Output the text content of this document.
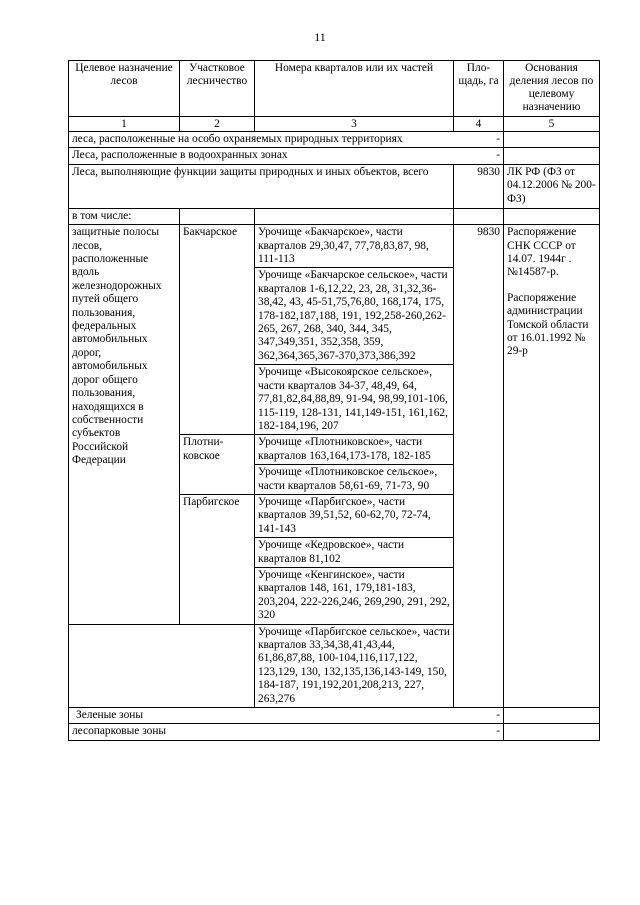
11
Целевое назначение лесов	Участковое лесничество	Номера кварталов или их частей	Пло-щадь, га	Основания деления лесов по целевому назначению
1	2	3	4	5

леса, расположенные на особо охраняемых природных территориях -				

Леса, расположенные в водоохранных зонах -				

Леса, выполняющие функции защиты природных и иных объектов, всего			9830	ЛК РФ (ФЗ от 04.12.2006 № 200-ФЗ)
в том числе:				
защитные полосы лесов, расположенные вдоль железнодорожных путей общего пользования, федеральных автомобильных дорог, автомобильных дорог общего пользования, находящихся в собственности субъектов Российской Федерации	Бакчарское	Урочище «Бакчарское», части кварталов 29,30,47, 77,78,83,87, 98, 111-113	9830	Распоряжение СНК СССР от 14.07. 1944г .№14587-р.
Распоряжение администрации Томской области от 16.01.1992 № 29-р

		Урочище «Бакчарское сельское», части кварталов 1-6,12,22, 23, 28, 31,32,36-38,42, 43, 45-51,75,76,80, 168,174, 175, 178-182,187,188, 191, 192,258-260,262-265, 267, 268, 340, 344, 345, 347,349,351, 352,358, 359, 362,364,365,367-370,373,386,392		
		Урочище «Высокоярское сельское», части кварталов 34-37, 48,49, 64, 77,81,82,84,88,89, 91-94, 98,99,101-106, 115-119, 128-131, 141,149-151, 161,162, 182-184,196, 207		
	Плотни-ковское	Урочище «Плотниковское», части кварталов 163,164,173-178, 182-185		
		Урочище «Плотниковское сельское», части кварталов 58,61-69, 71-73, 90		
	Парбигское	Урочище «Парбигское», части кварталов 39,51,52, 60-62,70, 72-74, 141-143		
		Урочище «Кедровское», части кварталов 81,102		
		Урочище «Кенгинское», части кварталов 148, 161, 179,181-183, 203,204, 222-226,246, 269,290, 291, 292, 320		
		Урочище «Парбигское сельское», части кварталов 33,34,38,41,43,44, 61,86,87,88, 100-104,116,117,122, 123,129, 130, 132,135,136,143-149, 150, 184-187, 191,192,201,208,213, 227, 263,276		

Зеленые зоны -				

лесопарковые зоны -				
